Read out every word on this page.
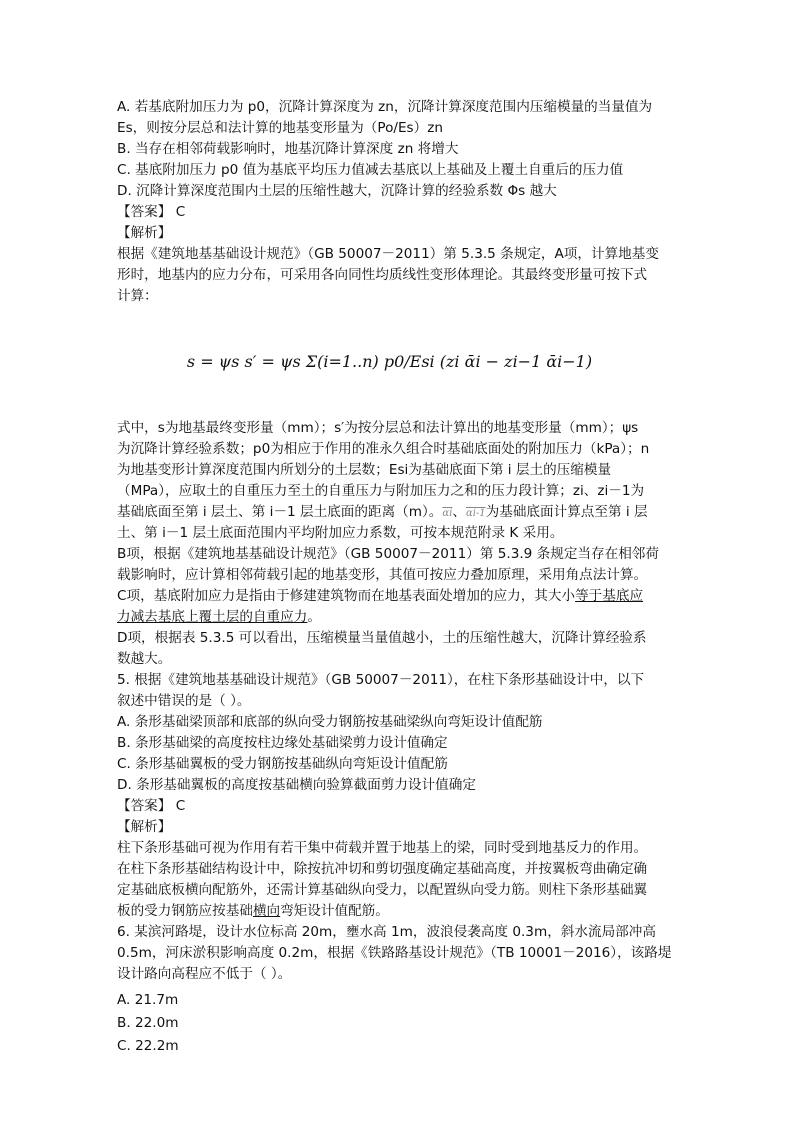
A. 若基底附加压力为 p0，沉降计算深度为 zn，沉降计算深度范围内压缩模量的当量值为
Es，则按分层总和法计算的地基变形量为（Po/Es）zn
B. 当存在相邻荷载影响时，地基沉降计算深度 zn 将增大
C. 基底附加压力 p0 值为基底平均压力值减去基底以上基础及上覆土自重后的压力值
D. 沉降计算深度范围内土层的压缩性越大，沉降计算的经验系数 Φs 越大
【答案】 C
【解析】
根据《建筑地基基础设计规范》（GB 50007－2011）第 5.3.5 条规定，A项，计算地基变
形时，地基内的应力分布，可采用各向同性均质线性变形体理论。其最终变形量可按下式
计算：
s = ψs s′ = ψs Σ(i=1..n) p0/Esi (zi ᾱi − zi−1 ᾱi−1)
式中，s为地基最终变形量（mm）；s′为按分层总和法计算出的地基变形量（mm）；ψs
为沉降计算经验系数；p0为相应于作用的准永久组合时基础底面处的附加压力（kPa）；n
为地基变形计算深度范围内所划分的土层数；Esi为基础底面下第 i 层土的压缩模量
（MPa），应取土的自重压力至土的自重压力与附加压力之和的压力段计算；zi、zi－1为
基础底面至第 i 层土、第 i－1 层土底面的距离（m）。$\overline{\alpha i}$、αi-1为基础底面计算点至第 i 层
土、第 i－1 层土底面范围内平均附加应力系数，可按本规范附录 K 采用。
B项，根据《建筑地基基础设计规范》（GB 50007－2011）第 5.3.9 条规定当存在相邻荷
载影响时，应计算相邻荷载引起的地基变形，其值可按应力叠加原理，采用角点法计算。
C项，基底附加应力是指由于修建建筑物而在地基表面处增加的应力，其大小等于基底应
力减去基底上覆土层的自重应力。
D项，根据表 5.3.5 可以看出，压缩模量当量值越小，土的压缩性越大，沉降计算经验系
数越大。
5. 根据《建筑地基基础设计规范》（GB 50007－2011），在柱下条形基础设计中，以下
叙述中错误的是（ ）。
A. 条形基础梁顶部和底部的纵向受力钢筋按基础梁纵向弯矩设计值配筋
B. 条形基础梁的高度按柱边缘处基础梁剪力设计值确定
C. 条形基础翼板的受力钢筋按基础纵向弯矩设计值配筋
D. 条形基础翼板的高度按基础横向验算截面剪力设计值确定
【答案】 C
【解析】
柱下条形基础可视为作用有若干集中荷载并置于地基上的梁，同时受到地基反力的作用。
在柱下条形基础结构设计中，除按抗冲切和剪切强度确定基础高度，并按翼板弯曲确定确
定基础底板横向配筋外，还需计算基础纵向受力，以配置纵向受力筋。则柱下条形基础翼
板的受力钢筋应按基础横向弯矩设计值配筋。
6. 某滨河路堤，设计水位标高 20m，壅水高 1m，波浪侵袭高度 0.3m，斜水流局部冲高
0.5m，河床淤积影响高度 0.2m，根据《铁路路基设计规范》（TB 10001－2016），该路堤
设计路向高程应不低于（ ）。
A. 21.7m
B. 22.0m
C. 22.2m
